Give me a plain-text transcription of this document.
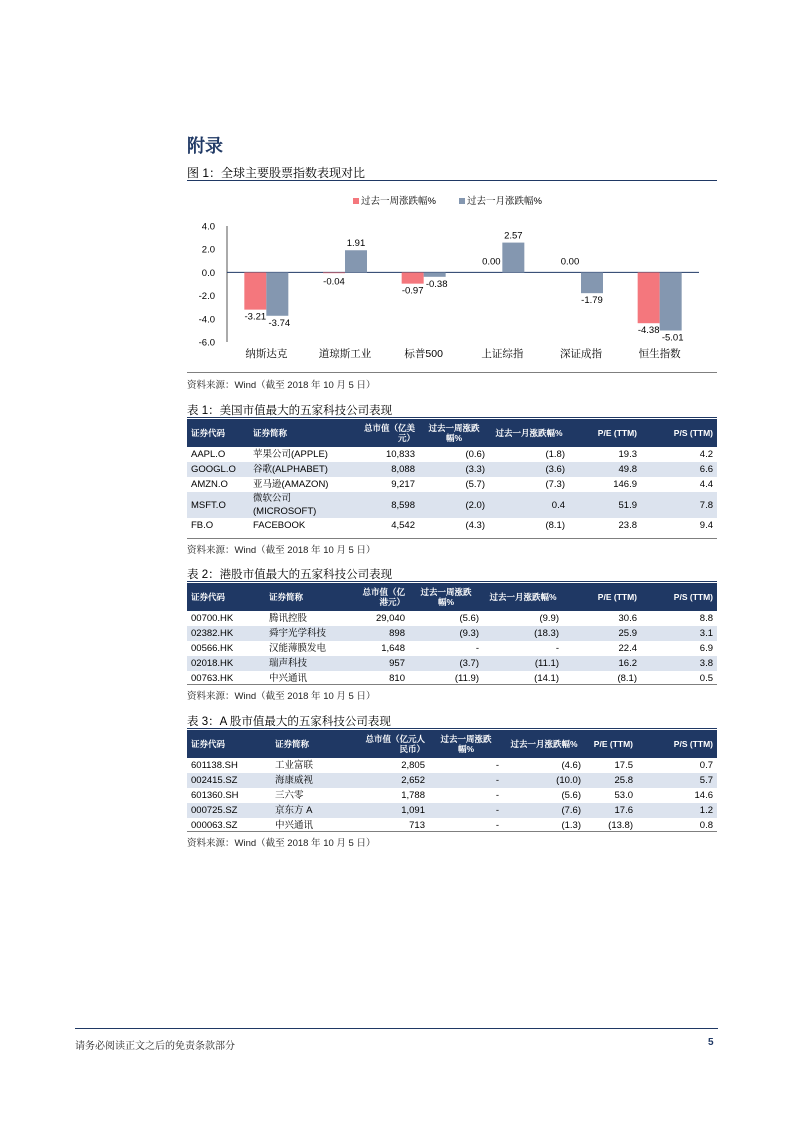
附录
图 1：全球主要股票指数表现对比
过去一周涨跌幅%	过去一月涨跌幅%
4.0
2.0
0.0
-2.0
-4.0
-6.0
-3.21
-3.74
-0.04
1.91
-0.97
-0.38
0.00
2.57
0.00
-1.79
-4.38
-5.01
纳斯达克	道琼斯工业	标普500	上证综指	深证成指	恒生指数
资料来源：Wind（截至 2018 年 10 月 5 日）
表 1：美国市值最大的五家科技公司表现
证券代码	证券简称	总市值（亿美元）	过去一周涨跌幅%	过去一月涨跌幅%	P/E (TTM)	P/S (TTM)
AAPL.O	苹果公司(APPLE)	10,833	(0.6)	(1.8)	19.3	4.2
GOOGL.O	谷歌(ALPHABET)	8,088	(3.3)	(3.6)	49.8	6.6
AMZN.O	亚马逊(AMAZON)	9,217	(5.7)	(7.3)	146.9	4.4
MSFT.O	微软公司 (MICROSOFT)	8,598	(2.0)	0.4	51.9	7.8
FB.O	FACEBOOK	4,542	(4.3)	(8.1)	23.8	9.4
资料来源：Wind（截至 2018 年 10 月 5 日）
表 2：港股市值最大的五家科技公司表现
证券代码	证券简称	总市值（亿港元）	过去一周涨跌幅%	过去一月涨跌幅%	P/E (TTM)	P/S (TTM)
00700.HK	腾讯控股	29,040	(5.6)	(9.9)	30.6	8.8
02382.HK	舜宇光学科技	898	(9.3)	(18.3)	25.9	3.1
00566.HK	汉能薄膜发电	1,648	-	-	22.4	6.9
02018.HK	瑞声科技	957	(3.7)	(11.1)	16.2	3.8
00763.HK	中兴通讯	810	(11.9)	(14.1)	(8.1)	0.5
资料来源：Wind（截至 2018 年 10 月 5 日）
表 3：A 股市值最大的五家科技公司表现
证券代码	证券简称	总市值（亿元人民币）	过去一周涨跌幅%	过去一月涨跌幅%	P/E (TTM)	P/S (TTM)
601138.SH	工业富联	2,805	-	(4.6)	17.5	0.7
002415.SZ	海康威视	2,652	-	(10.0)	25.8	5.7
601360.SH	三六零	1,788	-	(5.6)	53.0	14.6
000725.SZ	京东方 A	1,091	-	(7.6)	17.6	1.2
000063.SZ	中兴通讯	713	-	(1.3)	(13.8)	0.8
资料来源：Wind（截至 2018 年 10 月 5 日）
请务必阅读正文之后的免责条款部分	5
